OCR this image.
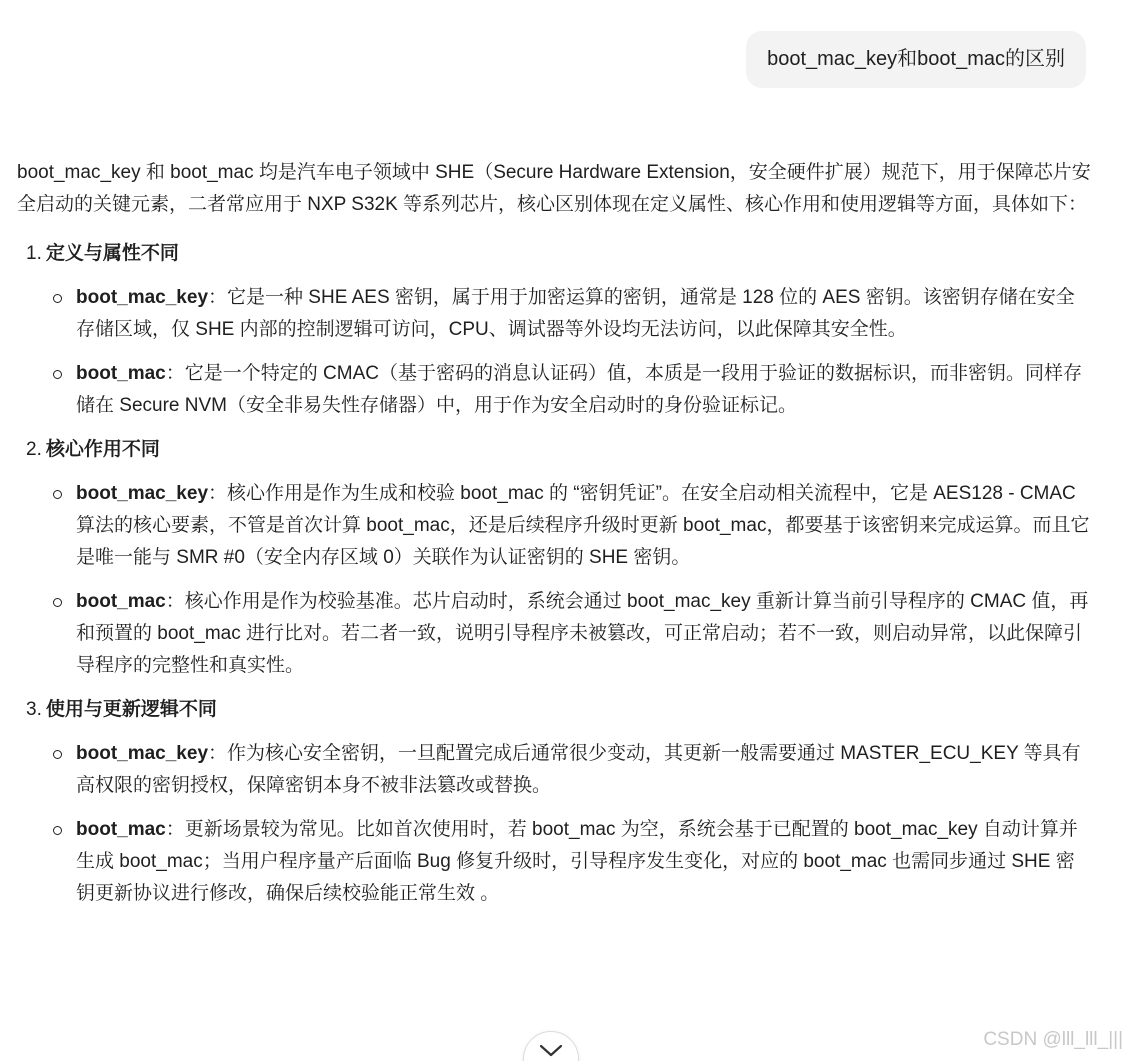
boot_mac_key和boot_mac的区别

boot_mac_key 和 boot_mac 均是汽车电子领域中 SHE（Secure Hardware Extension，安全硬件扩展）规范下，用于保障芯片安全启动的关键元素，二者常应用于 NXP S32K 等系列芯片，核心区别体现在定义属性、核心作用和使用逻辑等方面，具体如下：

1. 定义与属性不同
boot_mac_key：它是一种 SHE AES 密钥，属于用于加密运算的密钥，通常是 128 位的 AES 密钥。该密钥存储在安全存储区域，仅 SHE 内部的控制逻辑可访问，CPU、调试器等外设均无法访问，以此保障其安全性。
boot_mac：它是一个特定的 CMAC（基于密码的消息认证码）值，本质是一段用于验证的数据标识，而非密钥。同样存储在 Secure NVM（安全非易失性存储器）中，用于作为安全启动时的身份验证标记。
2. 核心作用不同
boot_mac_key：核心作用是作为生成和校验 boot_mac 的 “密钥凭证”。在安全启动相关流程中，它是 AES128 - CMAC 算法的核心要素，不管是首次计算 boot_mac，还是后续程序升级时更新 boot_mac，都要基于该密钥来完成运算。而且它是唯一能与 SMR #0（安全内存区域 0）关联作为认证密钥的 SHE 密钥。
boot_mac：核心作用是作为校验基准。芯片启动时，系统会通过 boot_mac_key 重新计算当前引导程序的 CMAC 值，再和预置的 boot_mac 进行比对。若二者一致，说明引导程序未被篡改，可正常启动；若不一致，则启动异常，以此保障引导程序的完整性和真实性。
3. 使用与更新逻辑不同
boot_mac_key：作为核心安全密钥，一旦配置完成后通常很少变动，其更新一般需要通过 MASTER_ECU_KEY 等具有高权限的密钥授权，保障密钥本身不被非法篡改或替换。
boot_mac：更新场景较为常见。比如首次使用时，若 boot_mac 为空，系统会基于已配置的 boot_mac_key 自动计算并生成 boot_mac；当用户程序量产后面临 Bug 修复升级时，引导程序发生变化，对应的 boot_mac 也需同步通过 SHE 密钥更新协议进行修改，确保后续校验能正常生效 。
CSDN @lll_lll_|||
